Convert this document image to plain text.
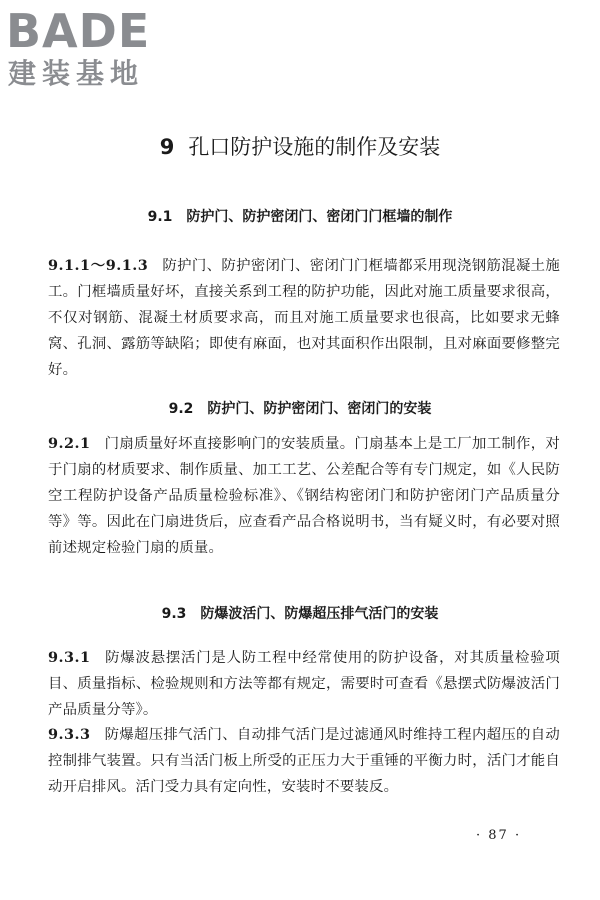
BADE
建装基地
9 孔口防护设施的制作及安装
9.1 防护门、防护密闭门、密闭门门框墙的制作
9.1.1～9.1.3 防护门、防护密闭门、密闭门门框墙都采用现浇钢筋混凝土施工。门框墙质量好坏，直接关系到工程的防护功能，因此对施工质量要求很高，不仅对钢筋、混凝土材质要求高，而且对施工质量要求也很高，比如要求无蜂窝、孔洞、露筋等缺陷；即使有麻面，也对其面积作出限制，且对麻面要修整完好。
9.2 防护门、防护密闭门、密闭门的安装
9.2.1 门扇质量好坏直接影响门的安装质量。门扇基本上是工厂加工制作，对于门扇的材质要求、制作质量、加工工艺、公差配合等有专门规定，如《人民防空工程防护设备产品质量检验标准》、《钢结构密闭门和防护密闭门产品质量分等》等。因此在门扇进货后，应查看产品合格说明书，当有疑义时，有必要对照前述规定检验门扇的质量。
9.3 防爆波活门、防爆超压排气活门的安装
9.3.1 防爆波悬摆活门是人防工程中经常使用的防护设备，对其质量检验项目、质量指标、检验规则和方法等都有规定，需要时可查看《悬摆式防爆波活门产品质量分等》。
9.3.3 防爆超压排气活门、自动排气活门是过滤通风时维持工程内超压的自动控制排气装置。只有当活门板上所受的正压力大于重锤的平衡力时，活门才能自动开启排风。活门受力具有定向性，安装时不要装反。
· 87 ·
